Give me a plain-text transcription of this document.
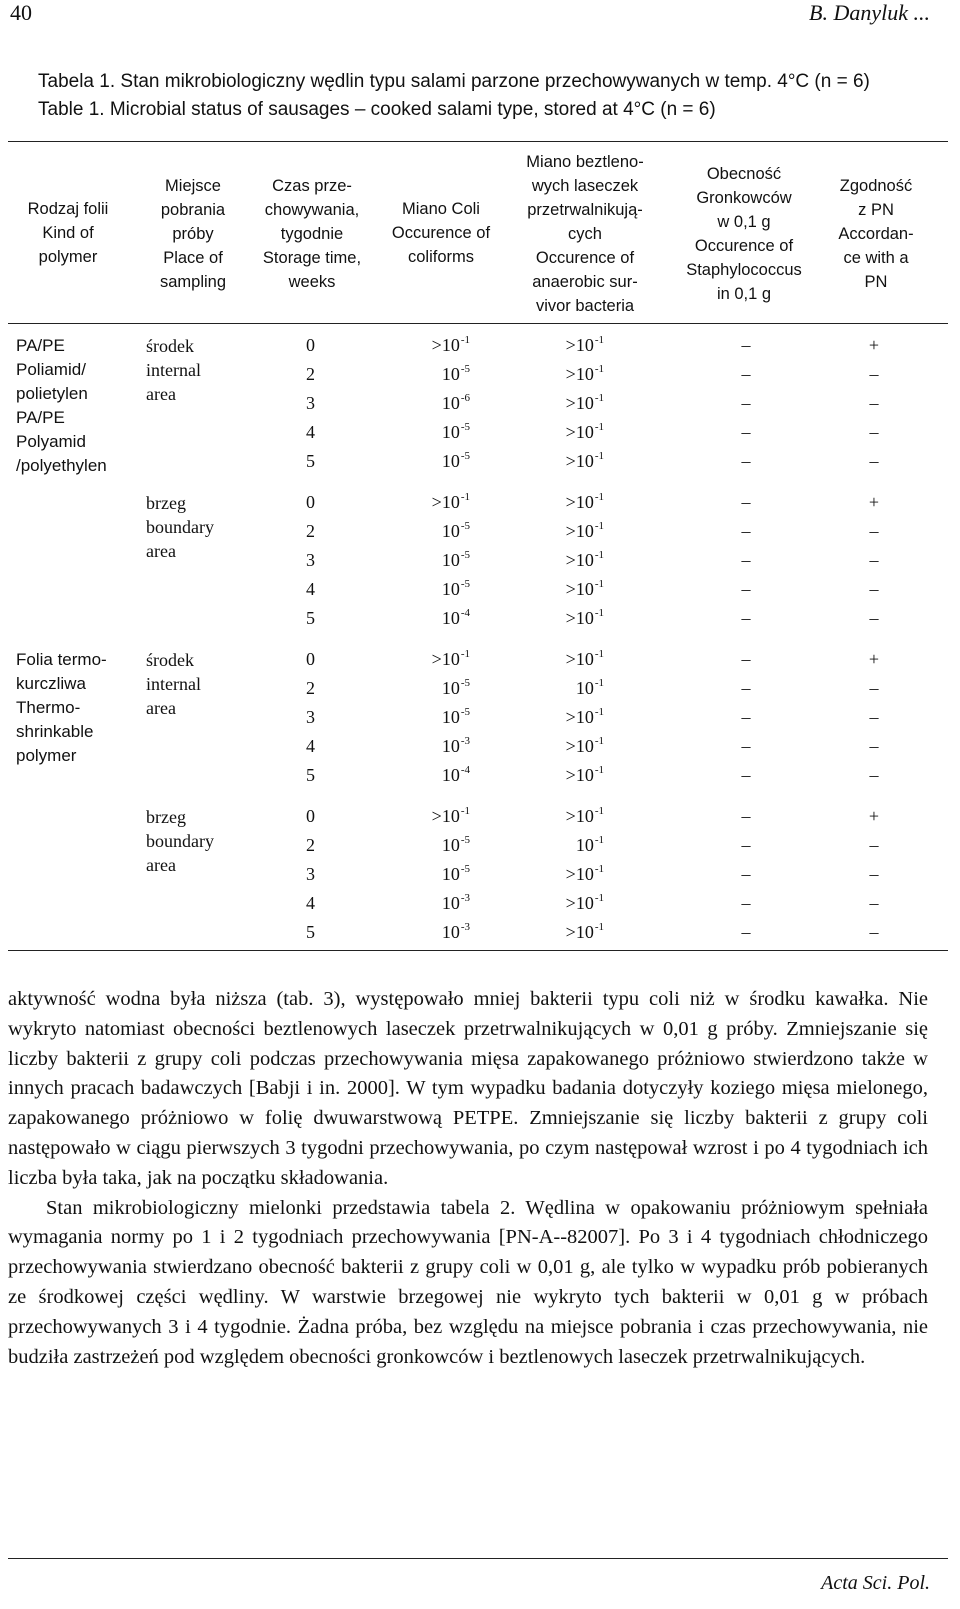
40	B. Danyluk ...
Tabela 1. Stan mikrobiologiczny wędlin typu salami parzone przechowywanych w temp. 4°C (n = 6)
Table 1. Microbial status of sausages – cooked salami type, stored at 4°C (n = 6)
Rodzaj folii
Kind of
polymer
Miejsce
pobrania
próby
Place of
sampling
Czas prze-
chowywania,
tygodnie
Storage time,
weeks
Miano Coli
Occurence of
coliforms
Miano beztleno-
wych laseczek
przetrwalnikują-
cych
Occurence of
anaerobic sur-
vivor bacteria
Obecność
Gronkowców
w 0,1 g
Occurence of
Staphylococcus
in 0,1 g
Zgodność
z PN
Accordan-
ce with a
PN
PA/PE
Poliamid/
polietylen
PA/PE
Polyamid
/polyethylen
środek
internal
area
0
2
3
4
5
$>10^{-1}$
$10^{-5}$
$10^{-6}$
$10^{-5}$
$10^{-5}$
$>10^{-1}$
$>10^{-1}$
$>10^{-1}$
$>10^{-1}$
$>10^{-1}$
–
–
–
–
–
+
–
–
–
–
brzeg
boundary
area
0
2
3
4
5
$>10^{-1}$
$10^{-5}$
$10^{-5}$
$10^{-5}$
$10^{-4}$
$>10^{-1}$
$>10^{-1}$
$>10^{-1}$
$>10^{-1}$
$>10^{-1}$
–
–
–
–
–
+
–
–
–
–
Folia termo-
kurczliwa
Thermo-
shrinkable
polymer
środek
internal
area
0
2
3
4
5
$>10^{-1}$
$10^{-5}$
$10^{-5}$
$10^{-3}$
$10^{-4}$
$>10^{-1}$
$10^{-1}$
$>10^{-1}$
$>10^{-1}$
$>10^{-1}$
–
–
–
–
–
+
–
–
–
–
brzeg
boundary
area
0
2
3
4
5
$>10^{-1}$
$10^{-5}$
$10^{-5}$
$10^{-3}$
$10^{-3}$
$>10^{-1}$
$10^{-1}$
$>10^{-1}$
$>10^{-1}$
$>10^{-1}$
–
–
–
–
–
+
–
–
–
–

aktywność wodna była niższa (tab. 3), występowało mniej bakterii typu coli niż w środku kawałka. Nie wykryto natomiast obecności beztlenowych laseczek przetrwalnikujących w 0,01 g próby. Zmniejszanie się liczby bakterii z grupy coli podczas przechowywania mięsa zapakowanego próżniowo stwierdzono także w innych pracach badawczych [Babji i in. 2000]. W tym wypadku badania dotyczyły koziego mięsa mielonego, zapakowanego próżniowo w folię dwuwarstwową PETPE. Zmniejszanie się liczby bakterii z grupy coli następowało w ciągu pierwszych 3 tygodni przechowywania, po czym następował wzrost i po 4 tygodniach ich liczba była taka, jak na początku składowania.

Stan mikrobiologiczny mielonki przedstawia tabela 2. Wędlina w opakowaniu próżniowym spełniała wymagania normy po 1 i 2 tygodniach przechowywania [PN-A--82007]. Po 3 i 4 tygodniach chłodniczego przechowywania stwierdzano obecność bakterii z grupy coli w 0,01 g, ale tylko w wypadku prób pobieranych ze środkowej części wędliny. W warstwie brzegowej nie wykryto tych bakterii w 0,01 g w próbach przechowywanych 3 i 4 tygodnie. Żadna próba, bez względu na miejsce pobrania i czas przechowywania, nie budziła zastrzeżeń pod względem obecności gronkowców i beztlenowych laseczek przetrwalnikujących.

Acta Sci. Pol.
